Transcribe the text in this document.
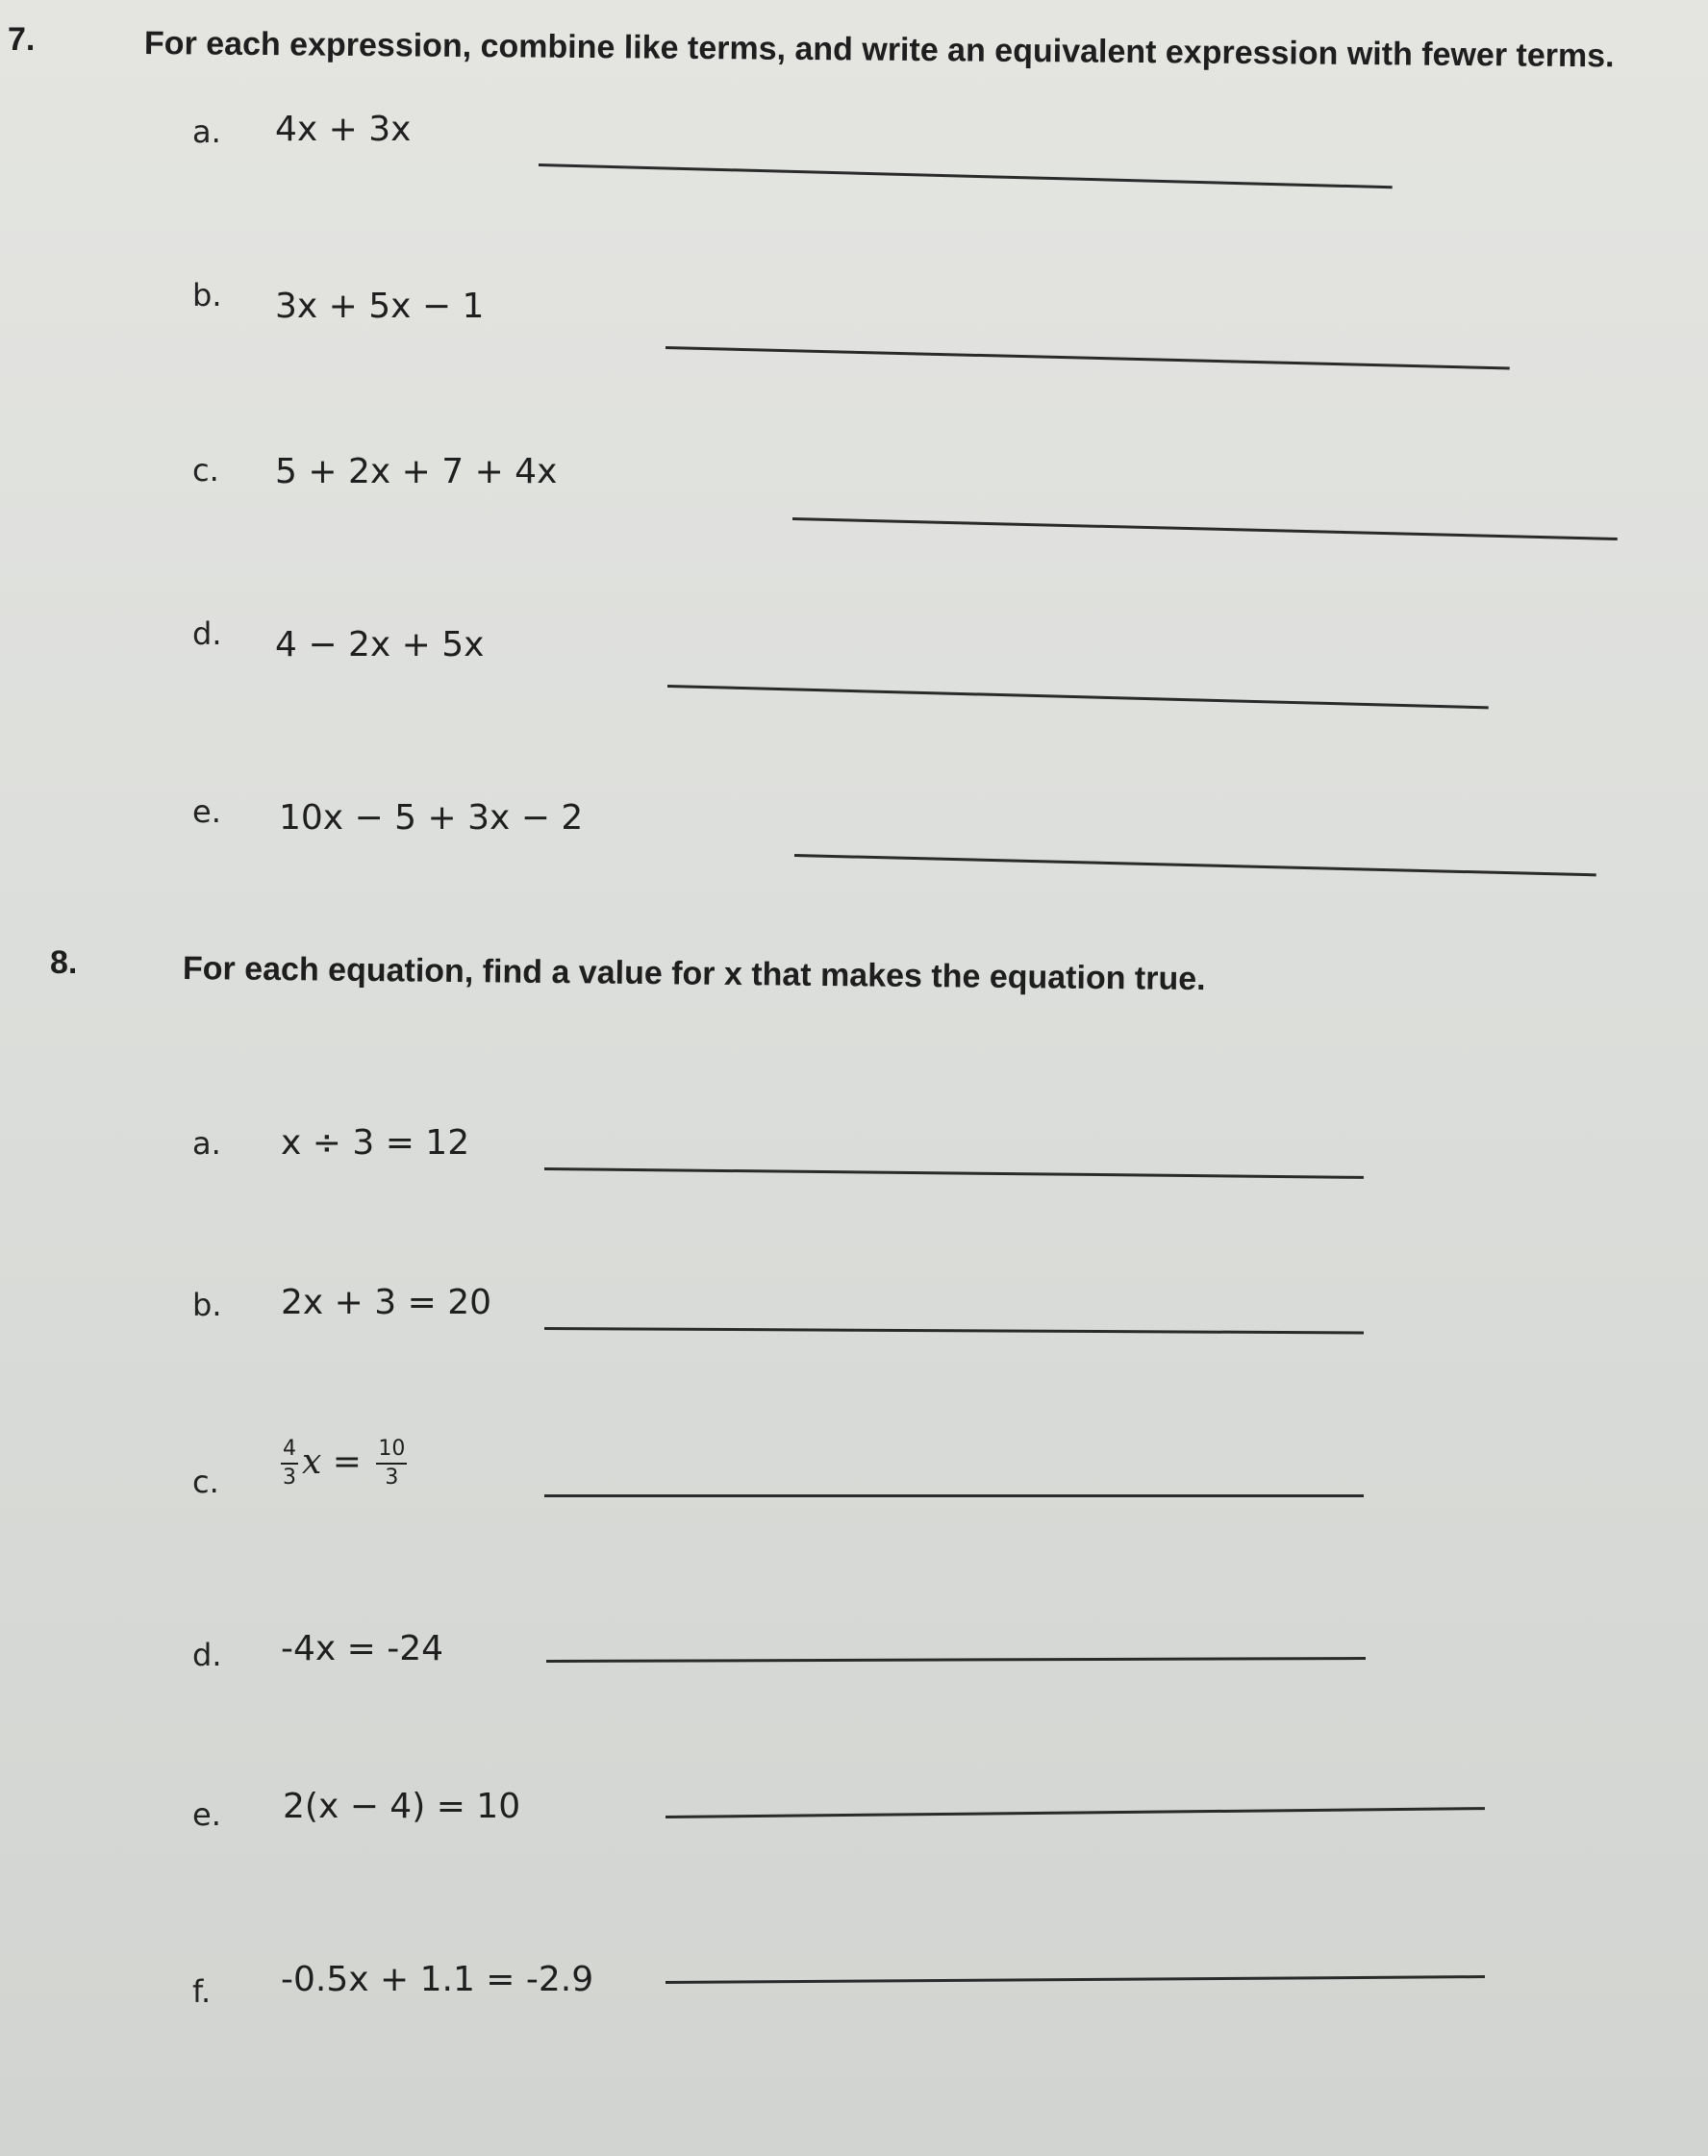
7.	For each expression, combine like terms, and write an equivalent expression with fewer terms.
a. 4x + 3x
b. 3x + 5x − 1
c. 5 + 2x + 7 + 4x
d. 4 − 2x + 5x
e. 10x − 5 + 3x − 2
8.	For each equation, find a value for x that makes the equation true.
a. x ÷ 3 = 12
b. 2x + 3 = 20
c.	$\frac{4}{3}$ $x = \frac{10}{3}$
d. -4x = -24
e. 2(x − 4) = 10
f. -0.5x + 1.1 = -2.9
